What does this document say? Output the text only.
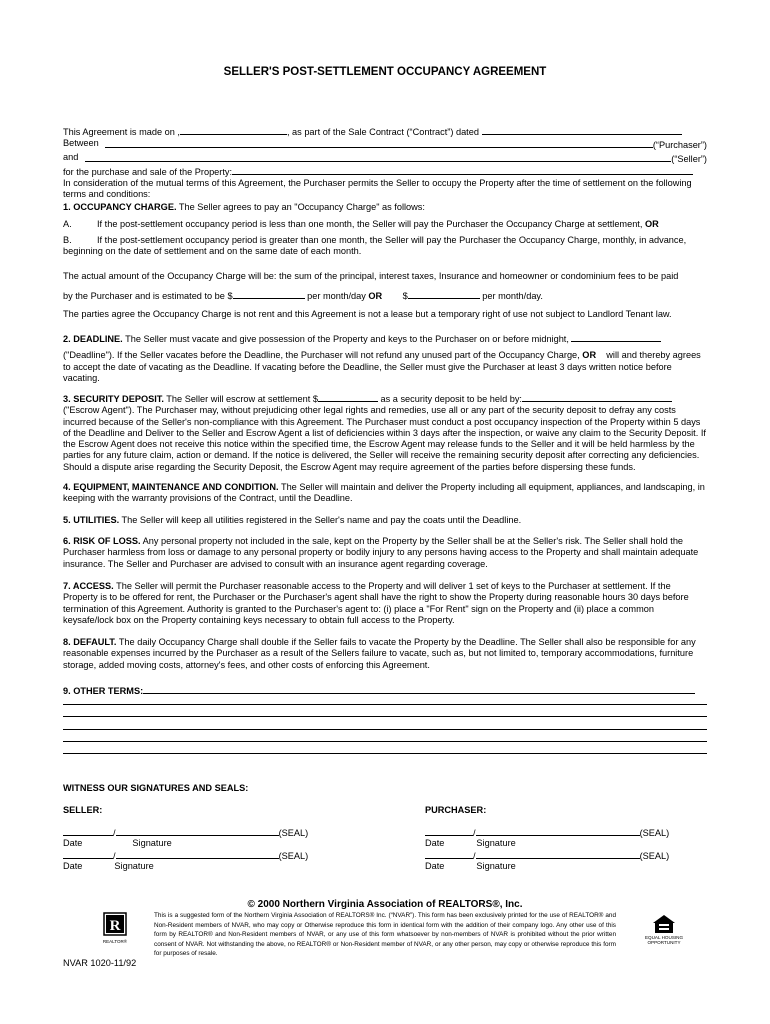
SELLER'S POST-SETTLEMENT OCCUPANCY AGREEMENT
This Agreement is made on ,	, as part of the Sale Contract (“Contract”) dated
Between	(“Purchaser”)
and	(“Seller”)
for the purchase and sale of the Property:
In consideration of the mutual terms of this Agreement, the Purchaser permits the Seller to occupy the Property after the time of settlement on the following terms and conditions:
1. OCCUPANCY CHARGE. The Seller agrees to pay an "Occupancy Charge" as follows:
A.	If the post-settlement occupancy period is less than one month, the Seller will pay the Purchaser the Occupancy Charge at settlement, OR
B.	If the post-settlement occupancy period is greater than one month, the Seller will pay the Purchaser the Occupancy Charge, monthly, in advance, beginning on the date of settlement and on the same date of each month.
The actual amount of the Occupancy Charge will be: the sum of the principal, interest taxes, Insurance and homeowner or condominium fees to be paid
by the Purchaser and is estimated to be $	per month/day OR $	per month/day.
The parties agree the Occupancy Charge is not rent and this Agreement is not a lease but a temporary right of use not subject to Landlord Tenant law.
2. DEADLINE. The Seller must vacate and give possession of the Property and keys to the Purchaser on or before midnight,
("Deadline"). If the Seller vacates before the Deadline, the Purchaser will not refund any unused part of the Occupancy Charge, OR will and thereby agrees to accept the date of vacating as the Deadline. If vacating before the Deadline, the Seller must give the Purchaser at least 3 days written notice before vacating.
3. SECURITY DEPOSIT. The Seller will escrow at settlement $	as a security deposit to be held by: ("Escrow Agent"). The Purchaser may, without prejudicing other legal rights and remedies, use all or any part of the security deposit to defray any costs incurred because of the Seller's non-compliance with this Agreement. The Purchaser must conduct a post occupancy inspection of the Property within 5 days of the Deadline and Deliver to the Seller and Escrow Agent a list of deficiencies within 3 days after the inspection, or waive any claim to the Security Deposit. If the Escrow Agent does not receive this notice within the specified time, the Escrow Agent may release funds to the Seller and it will be held harmless by the parties for any future claim, action or demand. If the notice is delivered, the Seller will receive the remaining security deposit after correcting any deficiencies. Should a dispute arise regarding the Security Deposit, the Escrow Agent may require agreement of the parties before dispersing these funds.
4. EQUIPMENT, MAINTENANCE AND CONDITION. The Seller will maintain and deliver the Property including all equipment, appliances, and landscaping, in keeping with the warranty provisions of the Contract, until the Deadline.
5. UTILITIES. The Seller will keep all utilities registered in the Seller's name and pay the coats until the Deadline.
6. RISK OF LOSS. Any personal property not included in the sale, kept on the Property by the Seller shall be at the Seller's risk. The Seller shall hold the Purchaser harmless from loss or damage to any personal property or bodily injury to any persons having access to the Property and shall maintain adequate insurance. The Seller and Purchaser are advised to consult with an insurance agent regarding coverage.
7. ACCESS. The Seller will permit the Purchaser reasonable access to the Property and will deliver 1 set of keys to the Purchaser at settlement. If the Property is to be offered for rent, the Purchaser or the Purchaser's agent shall have the right to show the Property during reasonable hours 30 days before termination of this Agreement. Authority is granted to the Purchaser's agent to: (i) place a "For Rent" sign on the Property and (ii) place a common keysafe/lock box on the Property containing keys necessary to obtain full access to the Property.
8. DEFAULT. The daily Occupancy Charge shall double if the Seller fails to vacate the Property by the Deadline. The Seller shall also be responsible for any reasonable expenses incurred by the Purchaser as a result of the Sellers failure to vacate, such as, but not limited to, temporary accommodations, furniture storage, added moving costs, attorney's fees, and other costs of enforcing this Agreement.
9. OTHER TERMS:
WITNESS OUR SIGNATURES AND SEALS:
SELLER:	PURCHASER:
/	(SEAL)
Date	Signature
/	(SEAL)
Date	Signature
/	(SEAL)
Date	Signature
/	(SEAL)
Date	Signature
© 2000 Northern Virginia Association of REALTORS®, Inc.
R
REALTOR®
This is a suggested form of the Northern Virginia Association of REALTORS® Inc. (“NVAR”). This form has been exclusively printed for the use of REALTOR® and Non-Resident members of NVAR, who may copy or Otherwise reproduce this form in identical form with the addition of their company logo. Any other use of this form by REALTOR® and Non-Resident members of NVAR, or any use of this form whatsoever by non-members of NVAR is prohibited without the prior written consent of NVAR. Not withstanding the above, no REALTOR® or Non-Resident member of NVAR, or any other person, may copy or otherwise reproduce this form for purposes of resale.
EQUAL HOUSING
OPPORTUNITY
NVAR 1020-11/92
